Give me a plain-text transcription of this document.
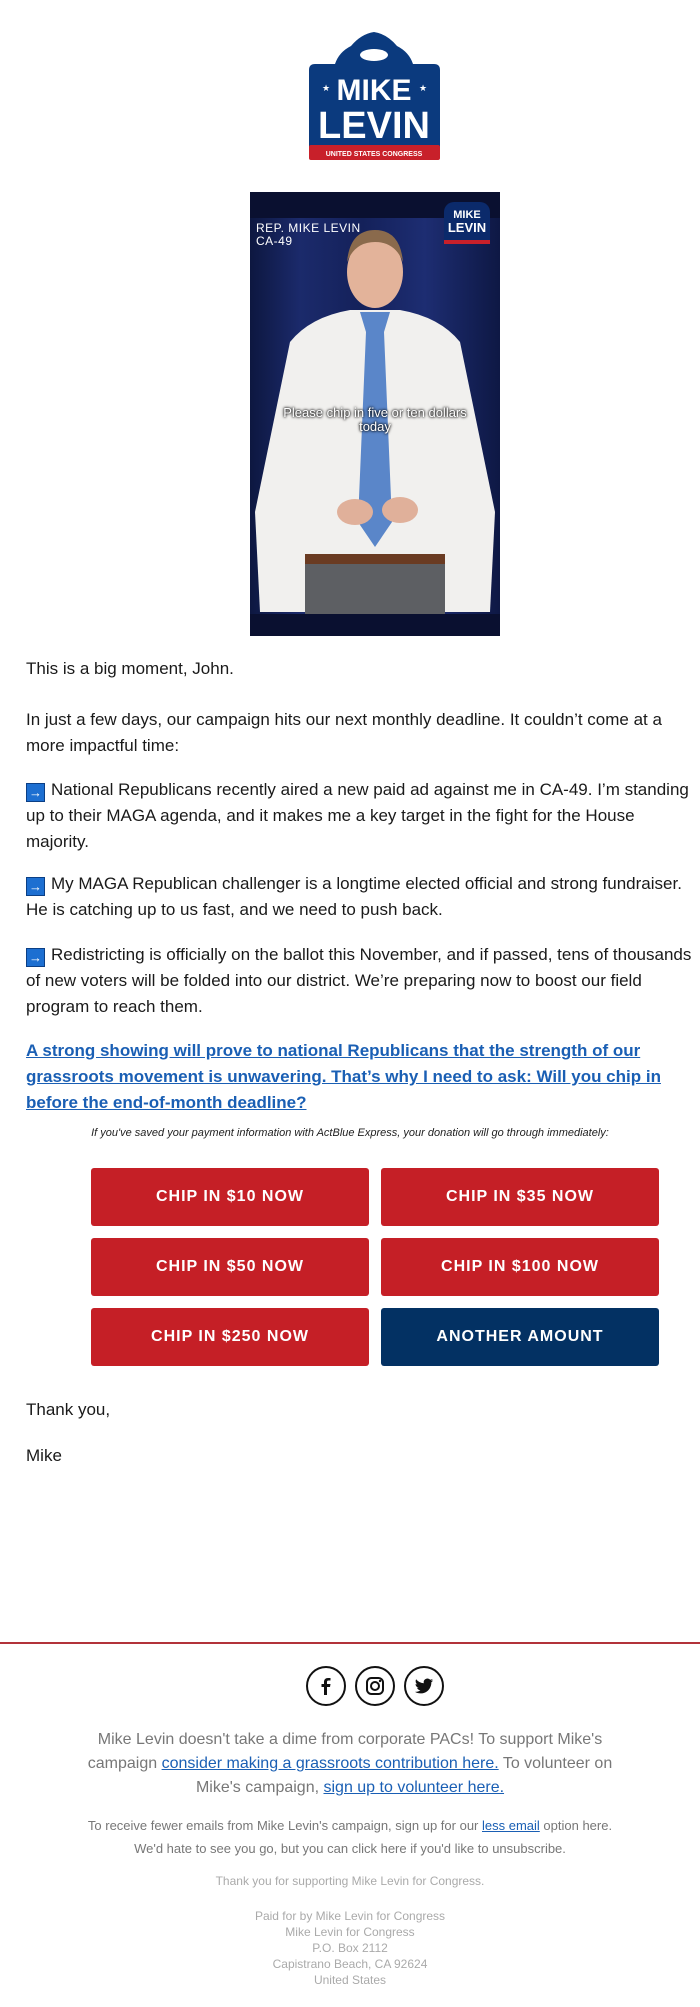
★	★
MIKE
LEVIN
UNITED STATES CONGRESS
REP. MIKE LEVIN
CA-49
MIKE
LEVIN
Please chip in five or ten dollars
today
This is a big moment, John.
In just a few days, our campaign hits our next monthly deadline. It couldn’t come at a more impactful time:
→ National Republicans recently aired a new paid ad against me in CA-49. I’m standing up to their MAGA agenda, and it makes me a key target in the fight for the House majority.
→ My MAGA Republican challenger is a longtime elected official and strong fundraiser. He is catching up to us fast, and we need to push back.
→ Redistricting is officially on the ballot this November, and if passed, tens of thousands of new voters will be folded into our district. We’re preparing now to boost our field program to reach them.
A strong showing will prove to national Republicans that the strength of our grassroots movement is unwavering. That’s why I need to ask: Will you chip in before the end-of-month deadline?
If you've saved your payment information with ActBlue Express, your donation will go through immediately:
CHIP IN $10 NOW	CHIP IN $35 NOW
CHIP IN $50 NOW	CHIP IN $100 NOW
CHIP IN $250 NOW	ANOTHER AMOUNT
Thank you,
Mike
Mike Levin doesn't take a dime from corporate PACs! To support Mike's campaign consider making a grassroots contribution here. To volunteer on Mike's campaign, sign up to volunteer here.
To receive fewer emails from Mike Levin's campaign, sign up for our less email option here. We'd hate to see you go, but you can click here if you'd like to unsubscribe.
Thank you for supporting Mike Levin for Congress.
Paid for by Mike Levin for Congress
Mike Levin for Congress
P.O. Box 2112
Capistrano Beach, CA 92624
United States
